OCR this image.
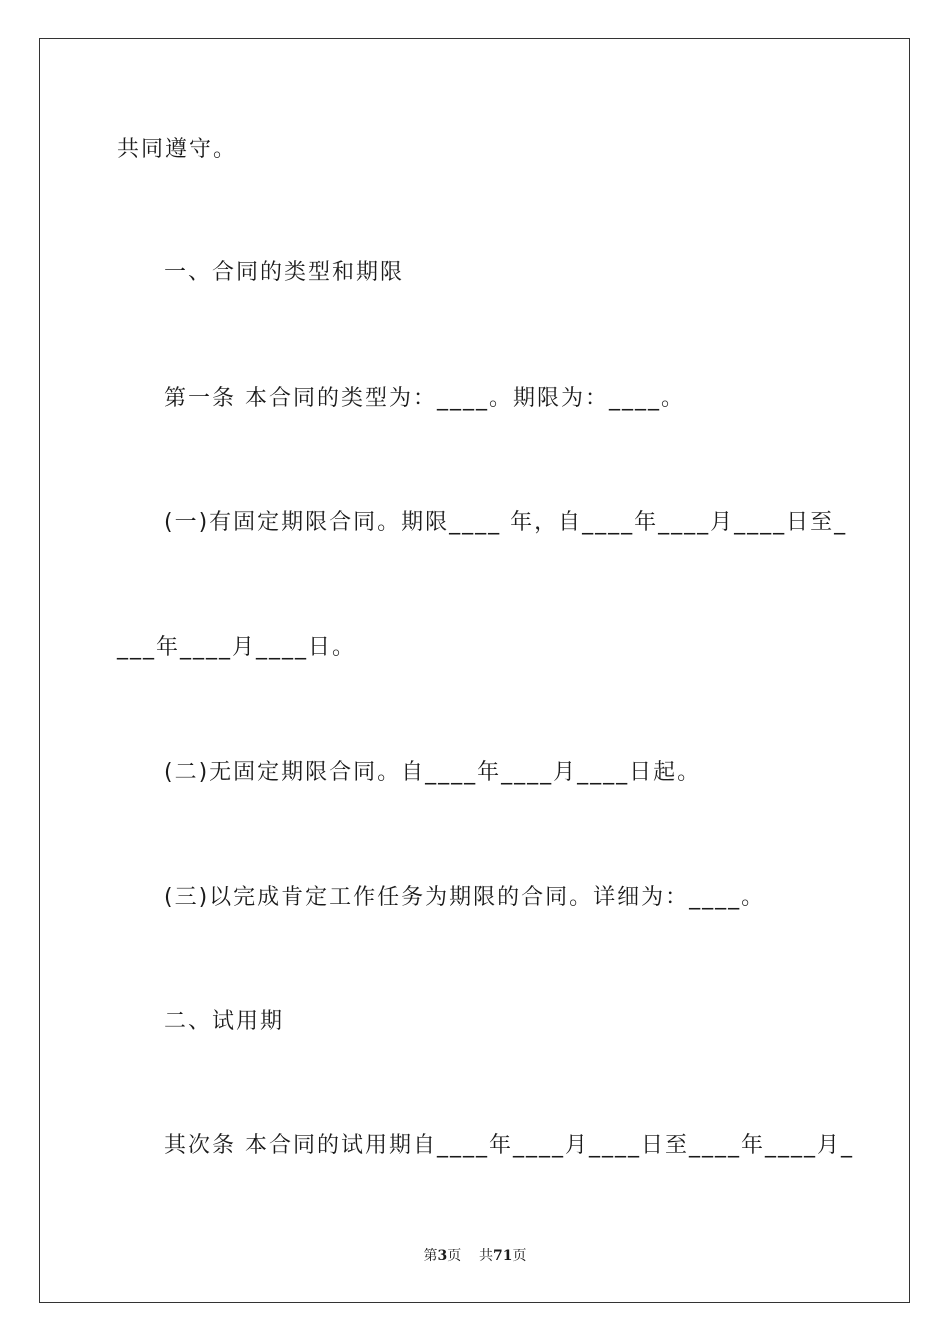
共同遵守。
一、合同的类型和期限
第一条 本合同的类型为：____。期限为：____。
(一)有固定期限合同。期限____ 年，自____年____月____日至_
___年____月____日。
(二)无固定期限合同。自____年____月____日起。
(三)以完成肯定工作任务为期限的合同。详细为：____。
二、试用期
其次条 本合同的试用期自____年____月____日至____年____月_
第3页 共71页
